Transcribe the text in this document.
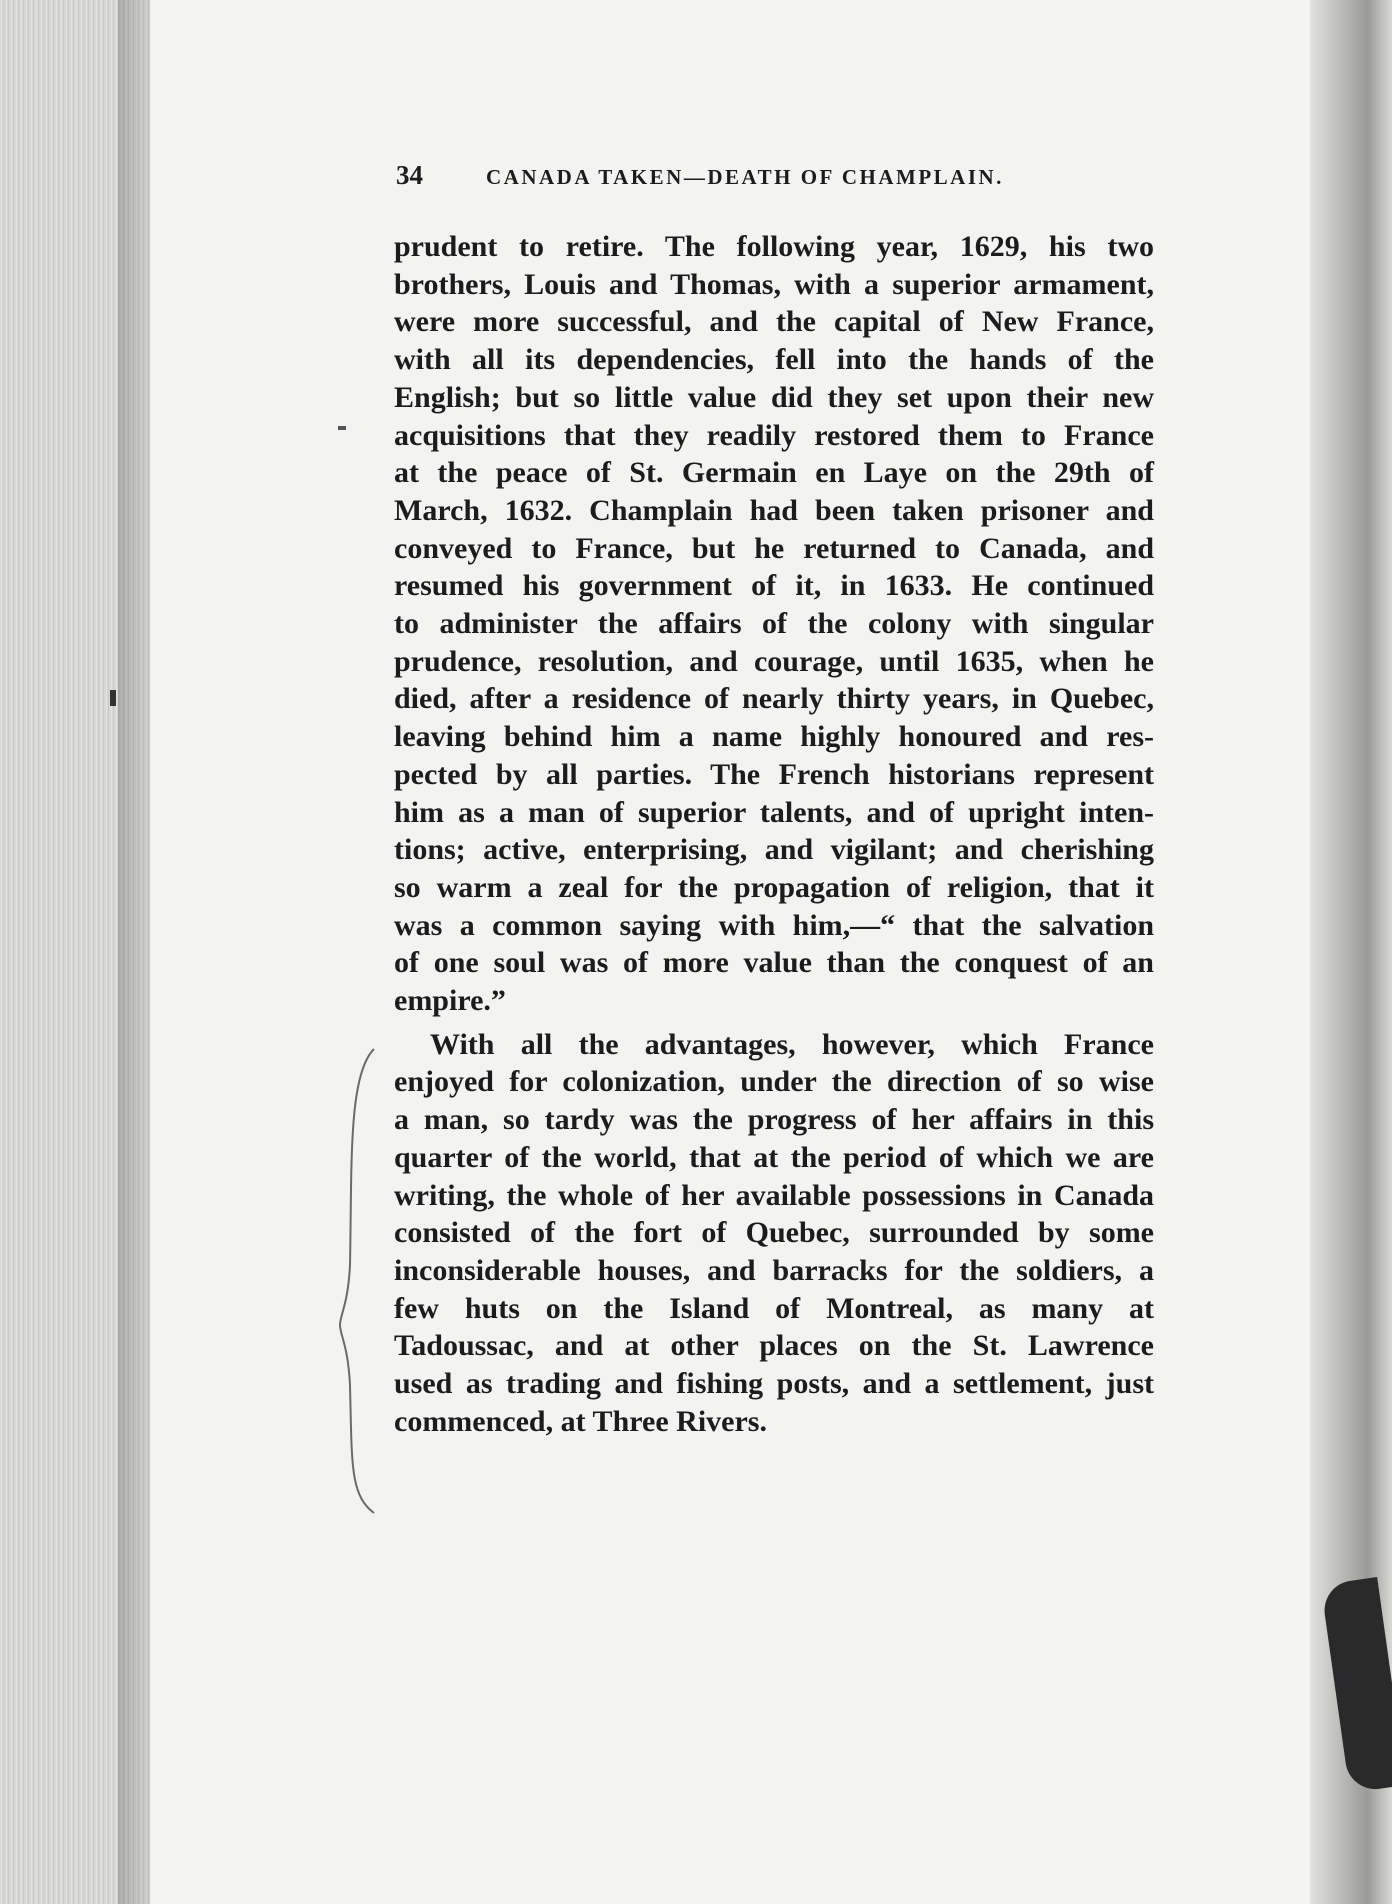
34	CANADA TAKEN—DEATH OF CHAMPLAIN.
prudent to retire. The following year, 1629, his two
brothers, Louis and Thomas, with a superior armament,
were more successful, and the capital of New France,
with all its dependencies, fell into the hands of the
English; but so little value did they set upon their new
acquisitions that they readily restored them to France
at the peace of St. Germain en Laye on the 29th of
March, 1632. Champlain had been taken prisoner and
conveyed to France, but he returned to Canada, and
resumed his government of it, in 1633. He continued
to administer the affairs of the colony with singular
prudence, resolution, and courage, until 1635, when he
died, after a residence of nearly thirty years, in Quebec,
leaving behind him a name highly honoured and res-
pected by all parties. The French historians represent
him as a man of superior talents, and of upright inten-
tions; active, enterprising, and vigilant; and cherishing
so warm a zeal for the propagation of religion, that it
was a common saying with him,—“ that the salvation
of one soul was of more value than the conquest of an
empire.”
With all the advantages, however, which France
enjoyed for colonization, under the direction of so wise
a man, so tardy was the progress of her affairs in this
quarter of the world, that at the period of which we are
writing, the whole of her available possessions in Canada
consisted of the fort of Quebec, surrounded by some
inconsiderable houses, and barracks for the soldiers, a
few huts on the Island of Montreal, as many at
Tadoussac, and at other places on the St. Lawrence
used as trading and fishing posts, and a settlement, just
commenced, at Three Rivers.
